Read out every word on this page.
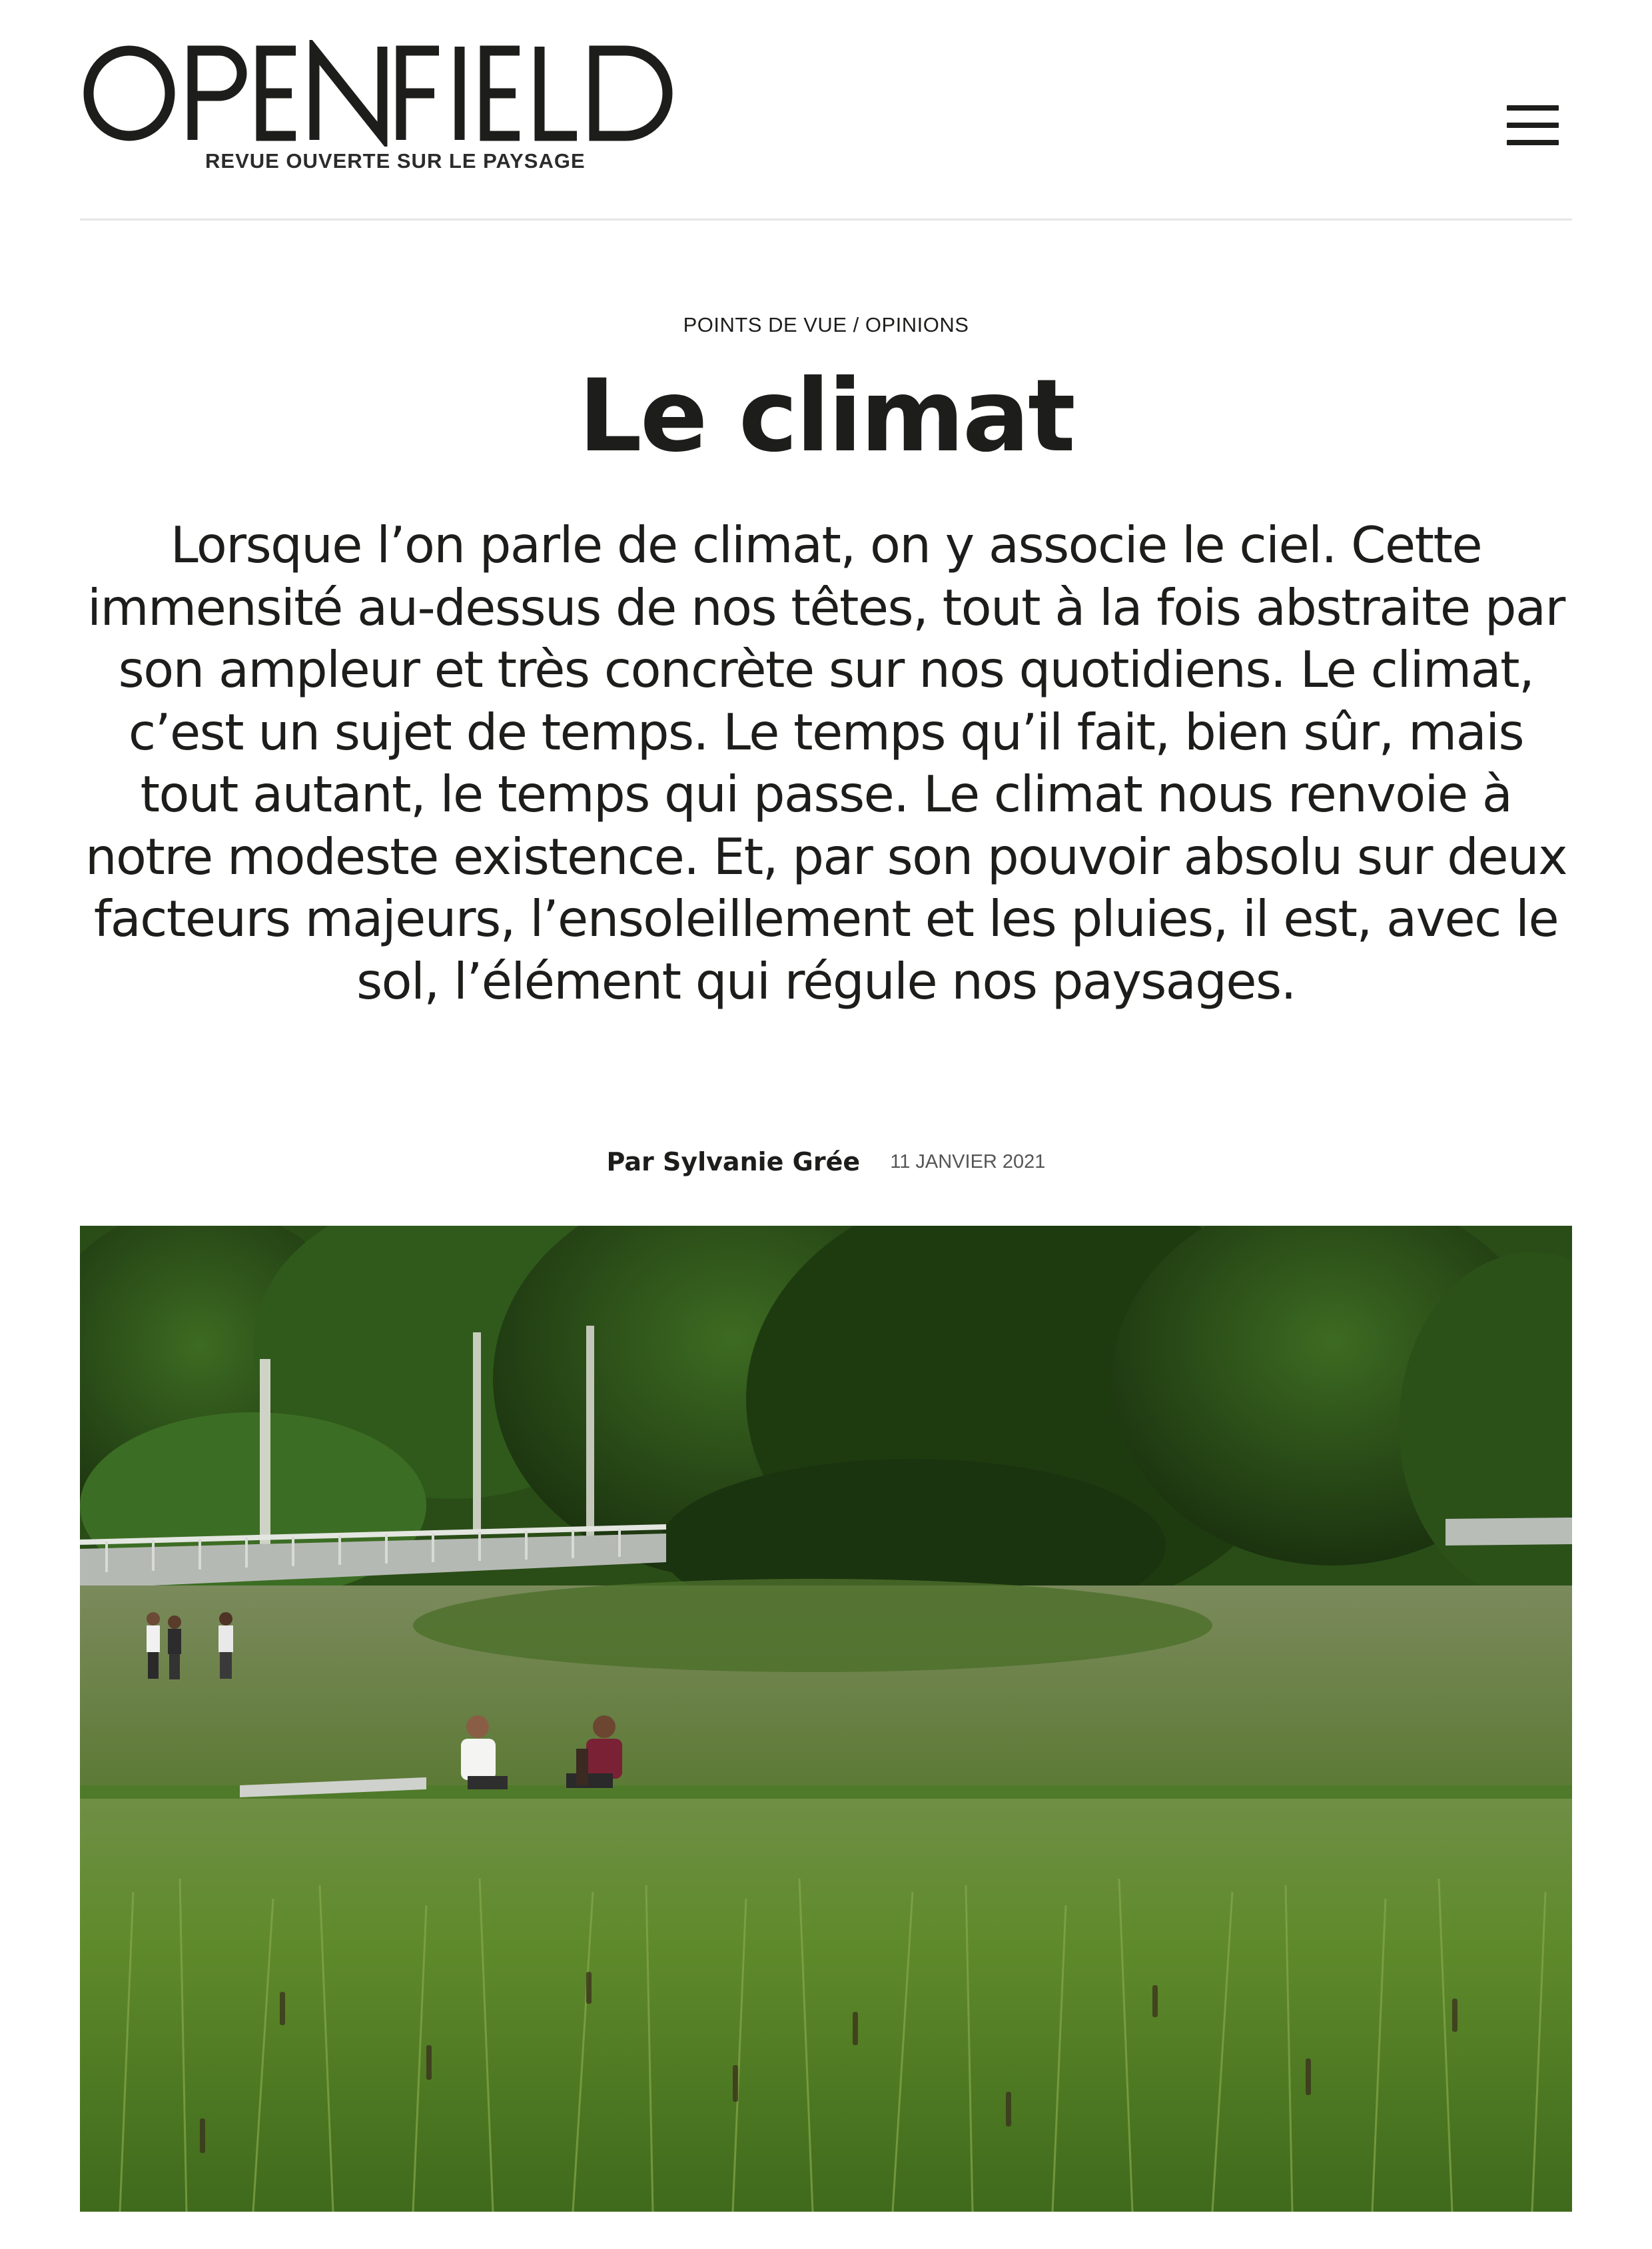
REVUE OUVERTE SUR LE PAYSAGE
POINTS DE VUE / OPINIONS
Le climat

Lorsque l’on parle de climat, on y associe le ciel. Cette immensité au-dessus de nos têtes, tout à la fois abstraite par son ampleur et très concrète sur nos quotidiens. Le climat, c’est un sujet de temps. Le temps qu’il fait, bien sûr, mais tout autant, le temps qui passe. Le climat nous renvoie à notre modeste existence. Et, par son pouvoir absolu sur deux facteurs majeurs, l’ensoleillement et les pluies, il est, avec le sol, l’élément qui régule nos paysages.

Par Sylvanie Grée 11 JANVIER 2021
